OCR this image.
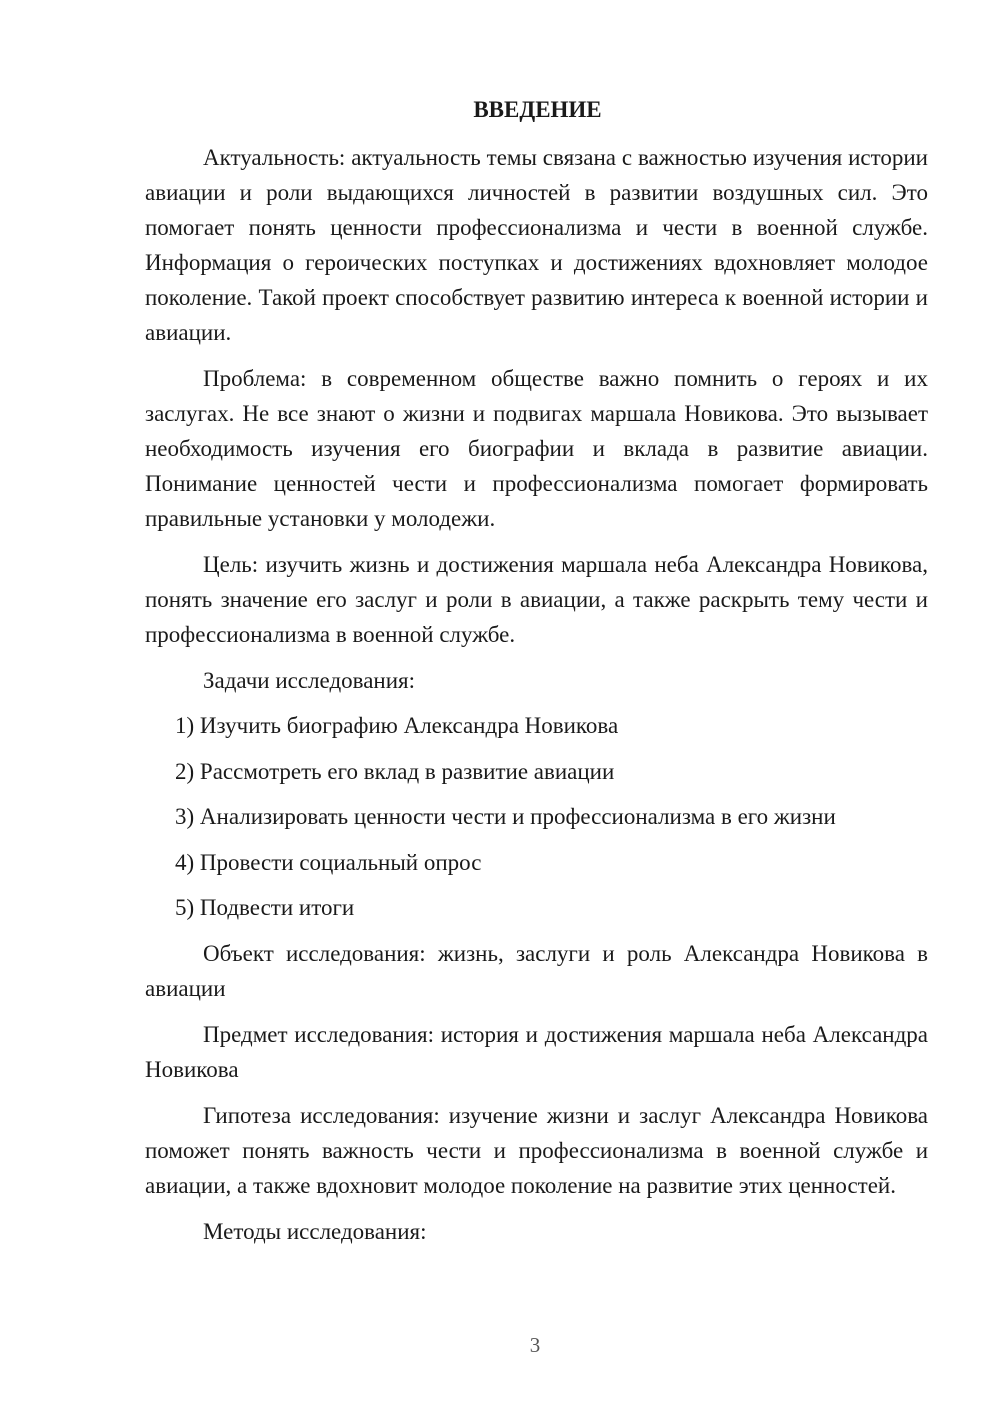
ВВЕДЕНИЕ

Актуальность: актуальность темы связана с важностью изучения истории авиации и роли выдающихся личностей в развитии воздушных сил. Это помогает понять ценности профессионализма и чести в военной службе. Информация о героических поступках и достижениях вдохновляет молодое поколение. Такой проект способствует развитию интереса к военной истории и авиации.

Проблема: в современном обществе важно помнить о героях и их заслугах. Не все знают о жизни и подвигах маршала Новикова. Это вызывает необходимость изучения его биографии и вклада в развитие авиации. Понимание ценностей чести и профессионализма помогает формировать правильные установки у молодежи.

Цель: изучить жизнь и достижения маршала неба Александра Новикова, понять значение его заслуг и роли в авиации, а также раскрыть тему чести и профессионализма в военной службе.

Задачи исследования:
1) Изучить биографию Александра Новикова
2) Рассмотреть его вклад в развитие авиации
3) Анализировать ценности чести и профессионализма в его жизни
4) Провести социальный опрос
5) Подвести итоги

Объект исследования: жизнь, заслуги и роль Александра Новикова в авиации

Предмет исследования: история и достижения маршала неба Александра Новикова

Гипотеза исследования: изучение жизни и заслуг Александра Новикова поможет понять важность чести и профессионализма в военной службе и авиации, а также вдохновит молодое поколение на развитие этих ценностей.

Методы исследования:
3
